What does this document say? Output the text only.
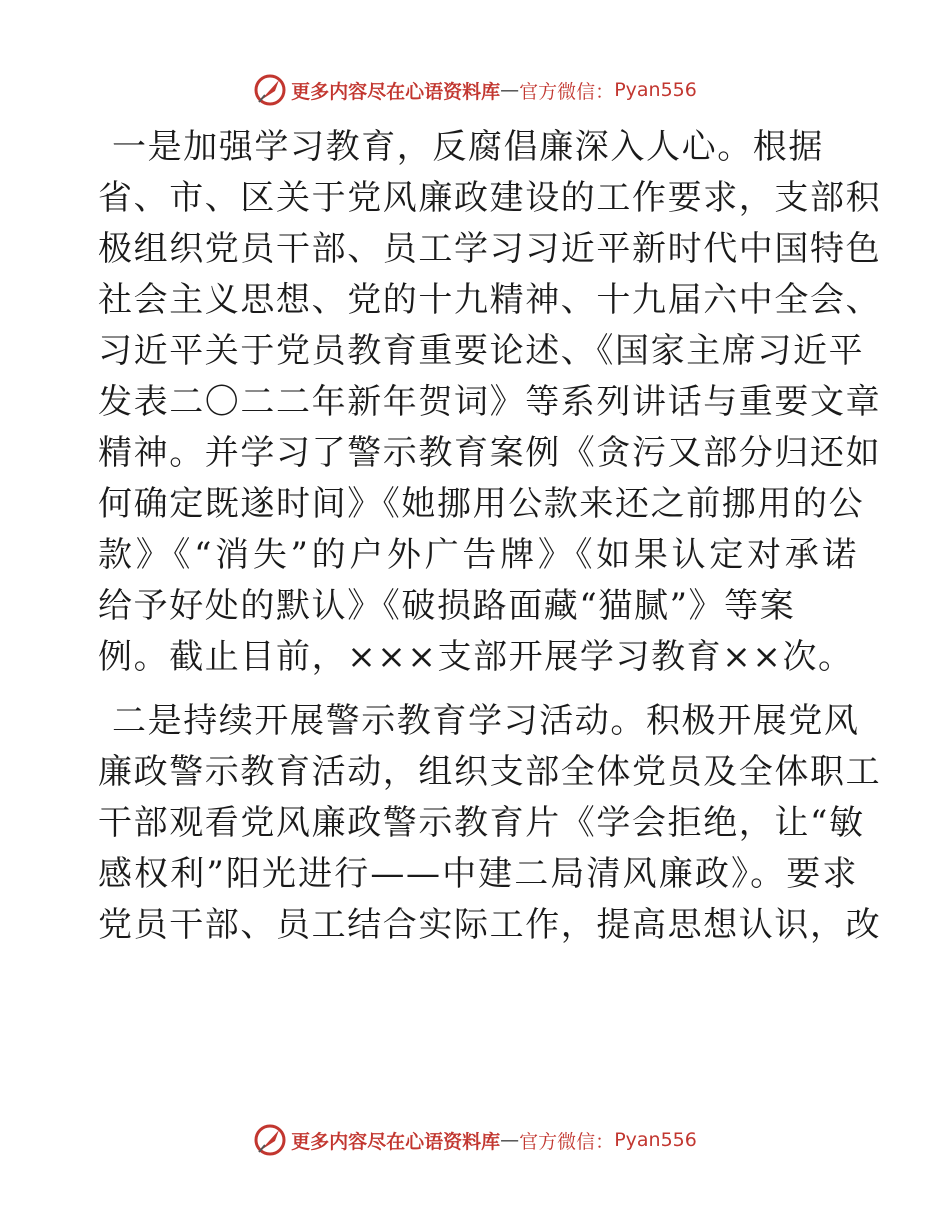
更多内容尽在心语资料库 — 官方微信： Pyan556

一是加强学习教育，反腐倡廉深入人心。根据
省、市、区关于党风廉政建设的工作要求，支部积
极组织党员干部、员工学习习近平新时代中国特色
社会主义思想、党的十九精神、十九届六中全会、
习近平关于党员教育重要论述、《国家主席习近平
发表二〇二二年新年贺词》等系列讲话与重要文章
精神。并学习了警示教育案例《贪污又部分归还如
何确定既遂时间》《她挪用公款来还之前挪用的公
款》《“消失”的户外广告牌》《如果认定对承诺
给予好处的默认》《破损路面藏“猫腻”》等案
例。截止目前，×××支部开展学习教育××次。

二是持续开展警示教育学习活动。积极开展党风
廉政警示教育活动，组织支部全体党员及全体职工
干部观看党风廉政警示教育片《学会拒绝，让“敏
感权利”阳光进行——中建二局清风廉政》。要求
党员干部、员工结合实际工作，提高思想认识，改

更多内容尽在心语资料库 — 官方微信： Pyan556
